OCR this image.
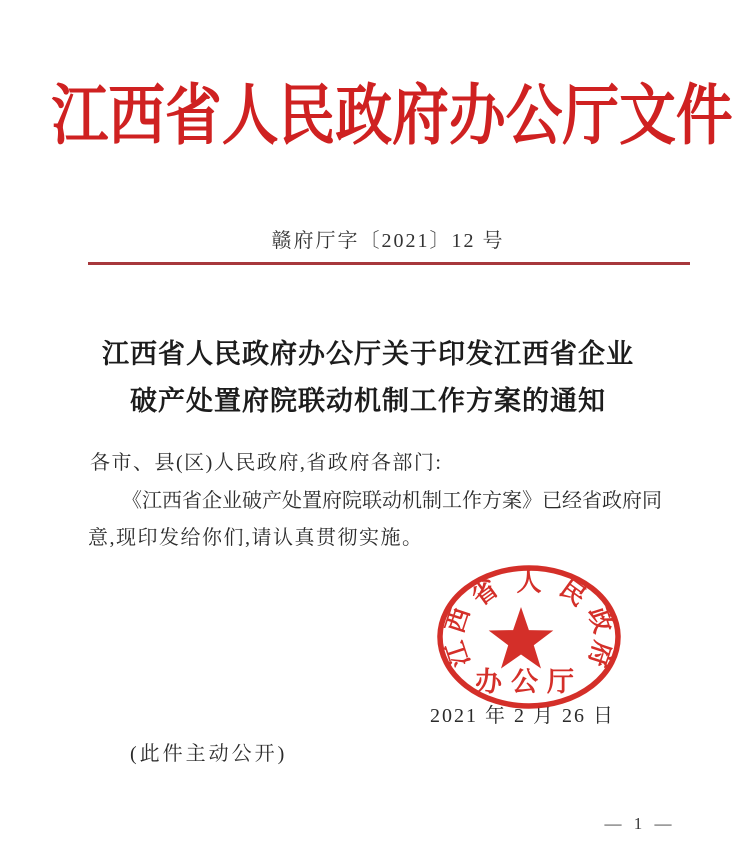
江西省人民政府办公厅文件
赣府厅字〔2021〕12 号
江西省人民政府办公厅关于印发江西省企业
破产处置府院联动机制工作方案的通知
各市、县(区)人民政府,省政府各部门:
《江西省企业破产处置府院联动机制工作方案》已经省政府同
意,现印发给你们,请认真贯彻实施。
2021 年 2 月 26 日
江
西
省 人 民
政
府
办公厅
(此件主动公开)
— 1 —
